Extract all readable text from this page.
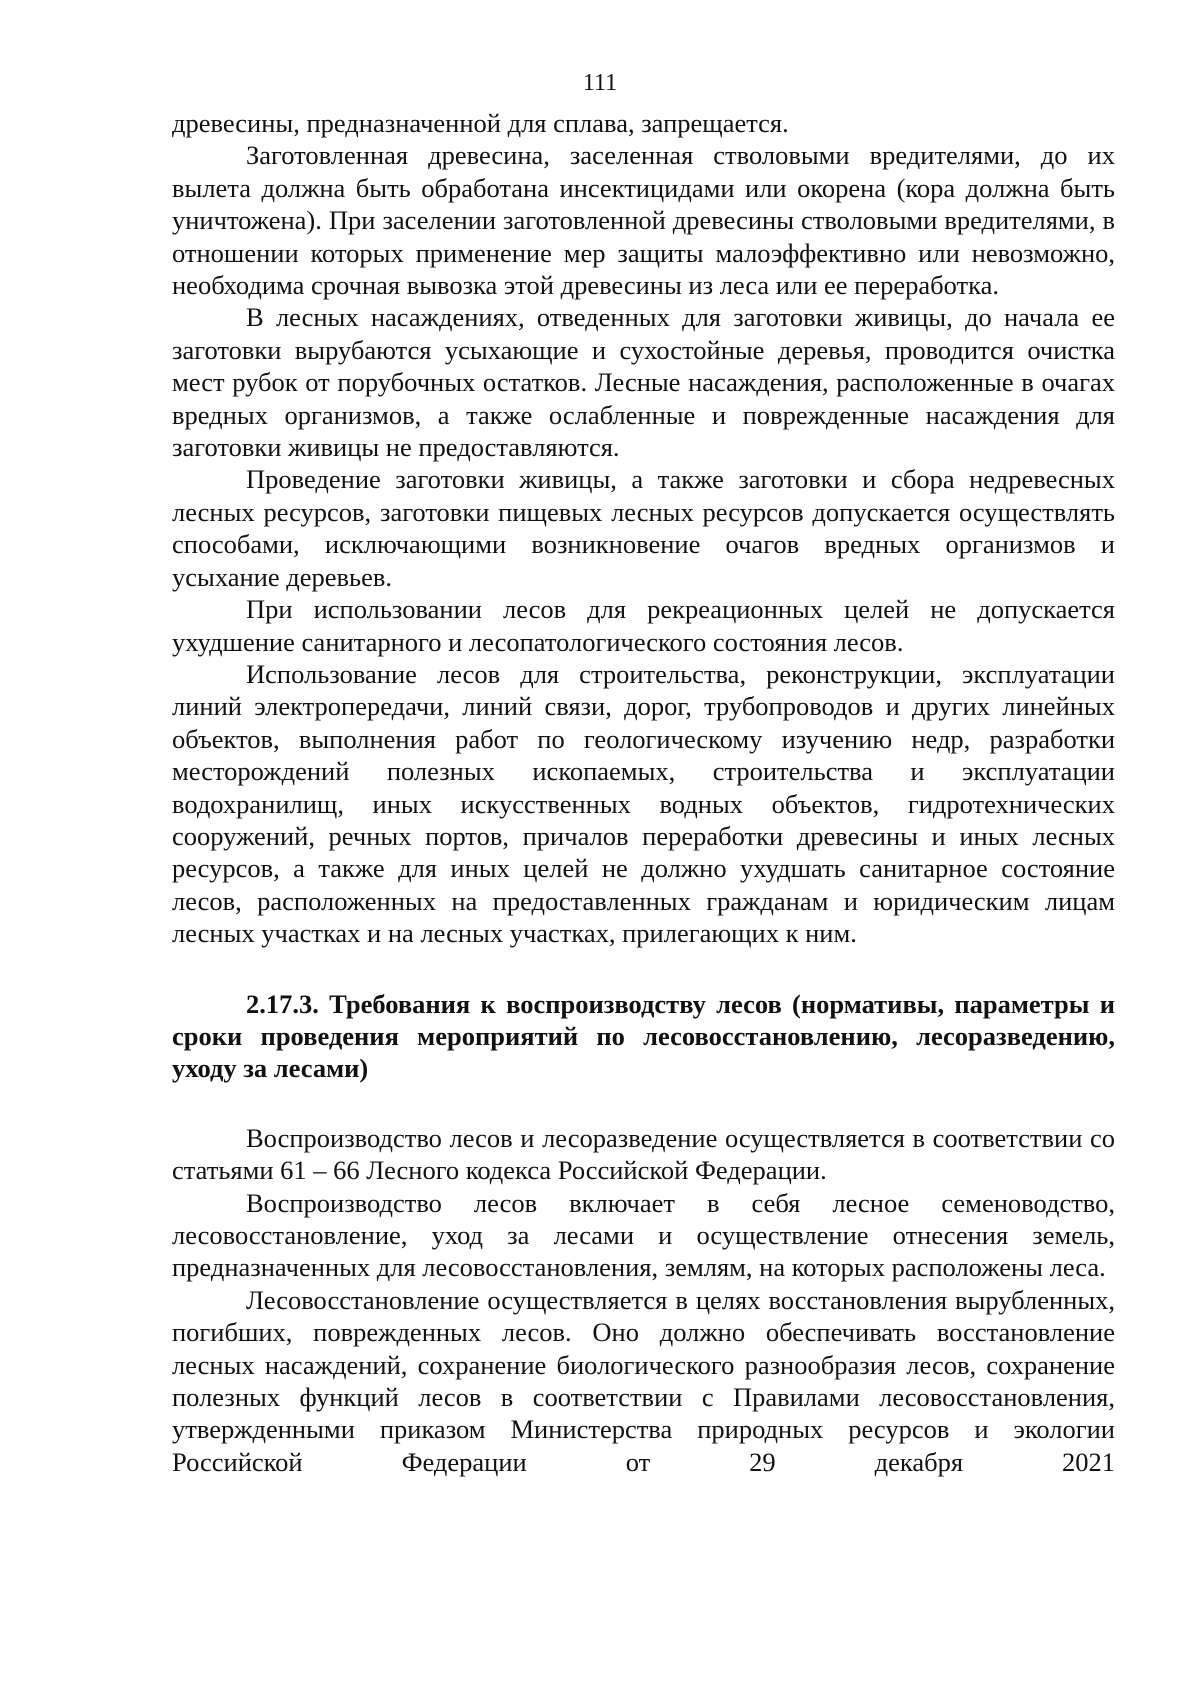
111

древесины, предназначенной для сплава, запрещается.

Заготовленная древесина, заселенная стволовыми вредителями, до их вылета должна быть обработана инсектицидами или окорена (кора должна быть уничтожена). При заселении заготовленной древесины стволовыми вредителями, в отношении которых применение мер защиты малоэффективно или невозможно, необходима срочная вывозка этой древесины из леса или ее переработка.

В лесных насаждениях, отведенных для заготовки живицы, до начала ее заготовки вырубаются усыхающие и сухостойные деревья, проводится очистка мест рубок от порубочных остатков. Лесные насаждения, расположенные в очагах вредных организмов, а также ослабленные и поврежденные насаждения для заготовки живицы не предоставляются.

Проведение заготовки живицы, а также заготовки и сбора недревесных лесных ресурсов, заготовки пищевых лесных ресурсов допускается осуществлять способами, исключающими возникновение очагов вредных организмов и усыхание деревьев.

При использовании лесов для рекреационных целей не допускается ухудшение санитарного и лесопатологического состояния лесов.

Использование лесов для строительства, реконструкции, эксплуатации линий электропередачи, линий связи, дорог, трубопроводов и других линейных объектов, выполнения работ по геологическому изучению недр, разработки месторождений полезных ископаемых, строительства и эксплуатации водохранилищ, иных искусственных водных объектов, гидротехнических сооружений, речных портов, причалов переработки древесины и иных лесных ресурсов, а также для иных целей не должно ухудшать санитарное состояние лесов, расположенных на предоставленных гражданам и юридическим лицам лесных участках и на лесных участках, прилегающих к ним.

2.17.3. Требования к воспроизводству лесов (нормативы, параметры и сроки проведения мероприятий по лесовосстановлению, лесоразведению, уходу за лесами)

Воспроизводство лесов и лесоразведение осуществляется в соответствии со статьями 61 – 66 Лесного кодекса Российской Федерации.

Воспроизводство лесов включает в себя лесное семеноводство, лесовосстановление, уход за лесами и осуществление отнесения земель, предназначенных для лесовосстановления, землям, на которых расположены леса.

Лесовосстановление осуществляется в целях восстановления вырубленных, погибших, поврежденных лесов. Оно должно обеспечивать восстановление лесных насаждений, сохранение биологического разнообразия лесов, сохранение полезных функций лесов в соответствии с Правилами лесовосстановления, утвержденными приказом Министерства природных ресурсов и экологии Российской Федерации от 29 декабря 2021
